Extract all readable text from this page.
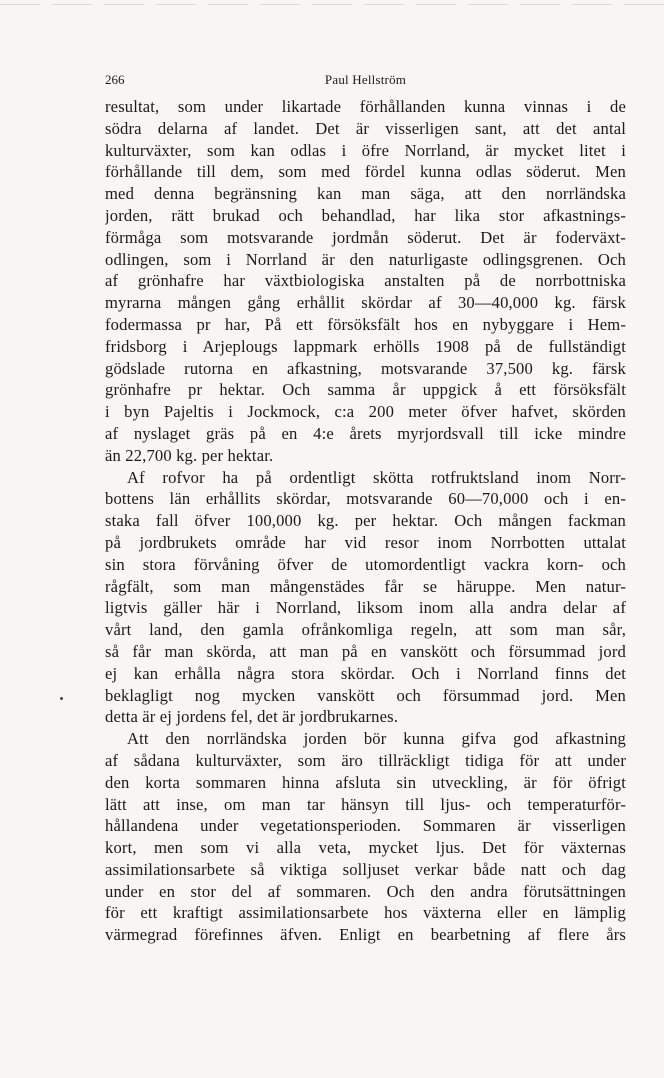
266	Paul Hellström
resultat, som under likartade förhållanden kunna vinnas i de
södra delarna af landet. Det är visserligen sant, att det antal
kulturväxter, som kan odlas i öfre Norrland, är mycket litet i
förhållande till dem, som med fördel kunna odlas söderut. Men
med denna begränsning kan man säga, att den norrländska
jorden, rätt brukad och behandlad, har lika stor afkastnings-
förmåga som motsvarande jordmån söderut. Det är foderväxt-
odlingen, som i Norrland är den naturligaste odlingsgrenen. Och
af grönhafre har växtbiologiska anstalten på de norrbottniska
myrarna mången gång erhållit skördar af 30—40,000 kg. färsk
fodermassa pr har, På ett försöksfält hos en nybyggare i Hem-
fridsborg i Arjeplougs lappmark erhölls 1908 på de fullständigt
gödslade rutorna en afkastning, motsvarande 37,500 kg. färsk
grönhafre pr hektar. Och samma år uppgick å ett försöksfält
i byn Pajeltis i Jockmock, c:a 200 meter öfver hafvet, skörden
af nyslaget gräs på en 4:e årets myrjordsvall till icke mindre
än 22,700 kg. per hektar.
Af rofvor ha på ordentligt skötta rotfruktsland inom Norr-
bottens län erhållits skördar, motsvarande 60—70,000 och i en-
staka fall öfver 100,000 kg. per hektar. Och mången fackman
på jordbrukets område har vid resor inom Norrbotten uttalat
sin stora förvåning öfver de utomordentligt vackra korn- och
rågfält, som man mångenstädes får se häruppe. Men natur-
ligtvis gäller här i Norrland, liksom inom alla andra delar af
vårt land, den gamla ofrånkomliga regeln, att som man sår,
så får man skörda, att man på en vanskött och försummad jord
ej kan erhålla några stora skördar. Och i Norrland finns det
beklagligt nog mycken vanskött och försummad jord. Men
detta är ej jordens fel, det är jordbrukarnes.
Att den norrländska jorden bör kunna gifva god afkastning
af sådana kulturväxter, som äro tillräckligt tidiga för att under
den korta sommaren hinna afsluta sin utveckling, är för öfrigt
lätt att inse, om man tar hänsyn till ljus- och temperaturför-
hållandena under vegetationsperioden. Sommaren är visserligen
kort, men som vi alla veta, mycket ljus. Det för växternas
assimilationsarbete så viktiga solljuset verkar både natt och dag
under en stor del af sommaren. Och den andra förutsättningen
för ett kraftigt assimilationsarbete hos växterna eller en lämplig
värmegrad förefinnes äfven. Enligt en bearbetning af flere års
